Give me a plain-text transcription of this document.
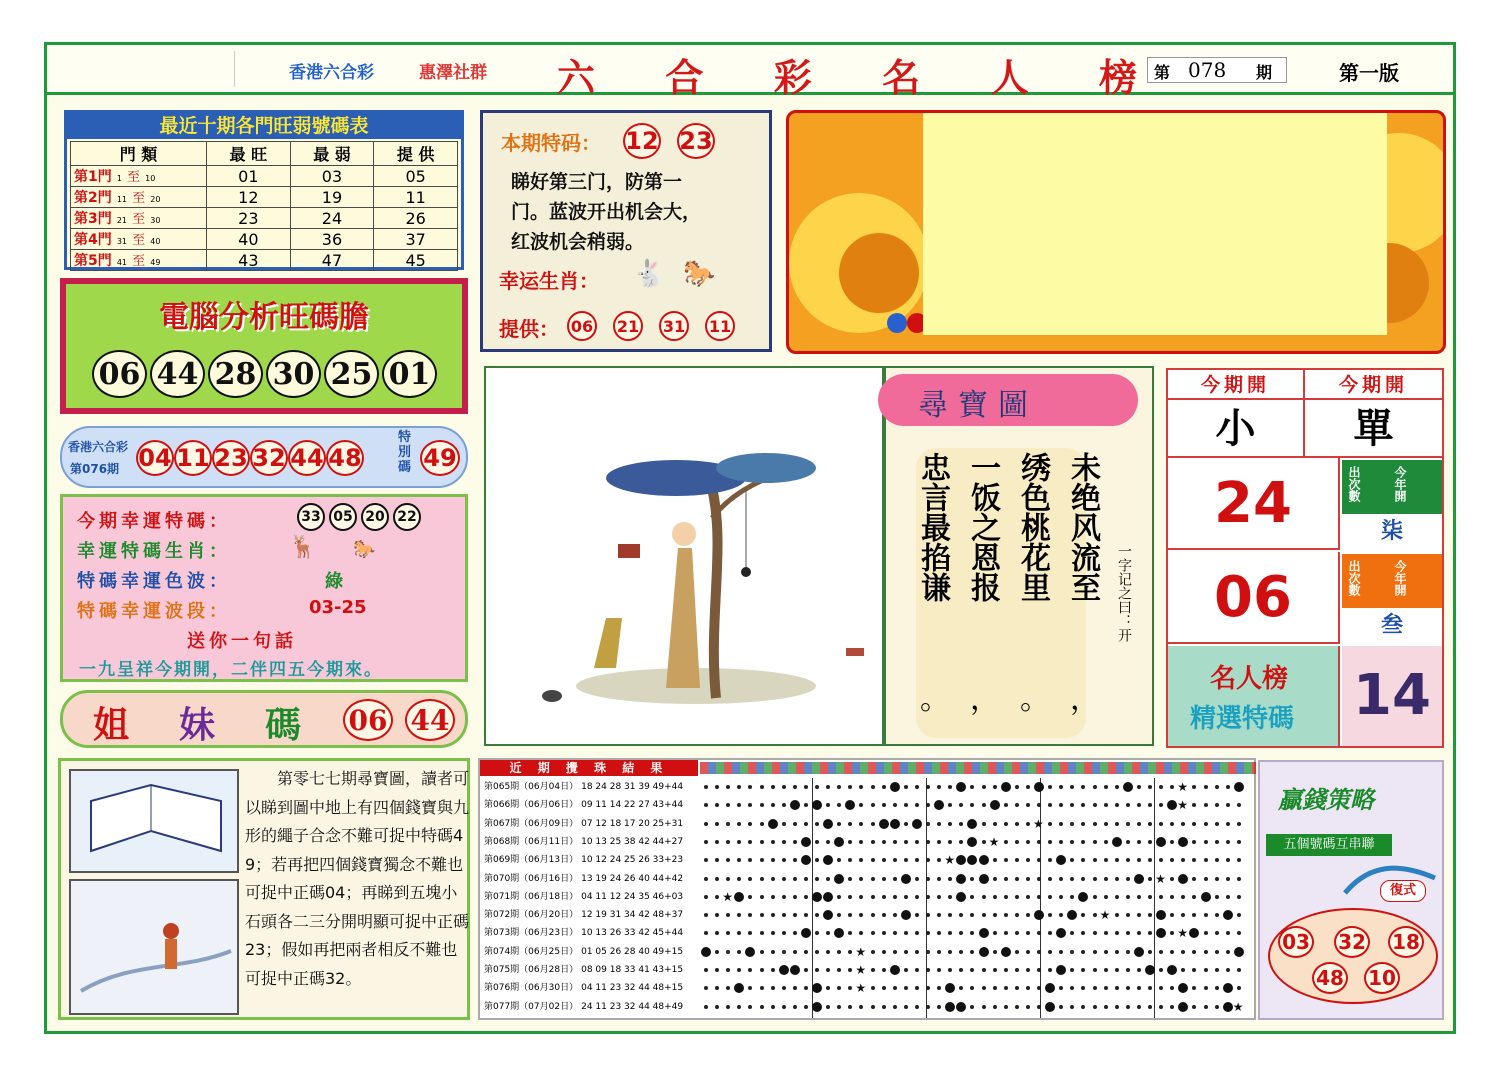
香港六合彩	惠澤社群 六 合 彩 名 人 榜 第 078 期	第一版
最近十期各門旺弱號碼表
門 類	最 旺	最 弱	提 供
第1門 1 至 10	01	03	05
第2門 11 至 20	12	19	11
第3門 21 至 30	23	24	26
第4門 31 至 40	40	36	37
第5門 41 至 49	43	47	45
電腦分析旺碼膽
06 44 28 30 25 01
香港六合彩
第076期 04 11 23 32 44 48
特
別
碼 49
今期幸運特碼：	33 05 20 22
幸運特碼生肖：	🦌 🐎
特碼幸運色波：	綠
特碼幸運波段：	03-25
送你一句話
一九呈祥今期開，二伴四五今期來。
姐 妹 碼 06 44
本期特码： 12 23
睇好第三门，防第一
门。蓝波开出机会大，
红波机会稍弱。
幸运生肖： 🐇 🐎
提供： 06 21 31 11
尋寶圖
未绝风流至
绣色桃花里
一饭之恩报
忠言最掐谦
，
。
，
。
一字记之曰：开
今期開	今期開
小	單
24	出次數	今年開
柒
06	出次數	今年開
叁
名人榜
精選特碼 14
第零七七期尋寶圖，讀者可以睇到圖中地上有四個錢寶與九形的繩子合念不難可捉中特碼49；若再把四個錢寶獨念不難也可捉中正碼04；再睇到五塊小石頭各二三分開明顯可捉中正碼23；假如再把兩者相反不難也可捉中正碼32。
近 期 攪 珠 結 果
第065期（06月04日） 18 24 28 31 39 49+44
第066期（06月06日） 09 11 14 22 27 43+44
第067期（06月09日） 07 12 18 17 20 25+31
第068期（06月11日） 10 13 25 38 42 44+27
第069期（06月13日） 10 12 24 25 26 33+23
第070期（06月16日） 13 19 24 26 40 44+42
第071期（06月18日） 04 11 12 24 35 46+03
第072期（06月20日） 12 19 31 34 42 48+37
第073期（06月23日） 10 13 26 33 42 45+44
第074期（06月25日） 01 05 26 28 40 49+15
第075期（06月28日） 08 09 18 33 41 43+15
第076期（06月30日） 04 11 23 32 44 48+15
第077期（07月02日） 24 11 23 32 44 48+49
★
★
★
★
★
★
★
★
★
★
★
★
★
贏錢策略
五個號碼互串聯
復式
03 32 18
48 10
